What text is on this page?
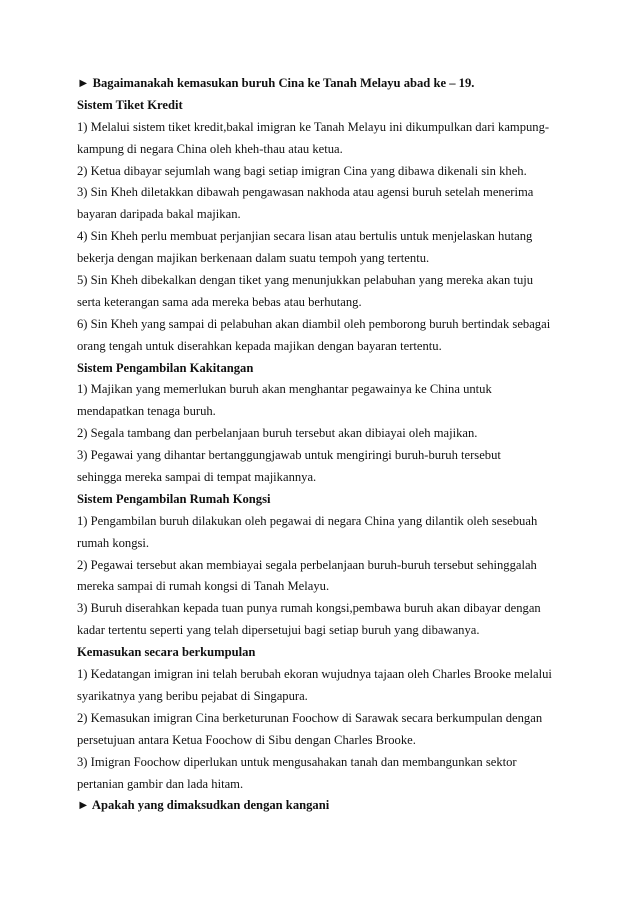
► Bagaimanakah kemasukan buruh Cina ke Tanah Melayu abad ke – 19.
Sistem Tiket Kredit
1) Melalui sistem tiket kredit,bakal imigran ke Tanah Melayu ini dikumpulkan dari kampung-
kampung di negara China oleh kheh-thau atau ketua.
2) Ketua dibayar sejumlah wang bagi setiap imigran Cina yang dibawa dikenali sin kheh.
3) Sin Kheh diletakkan dibawah pengawasan nakhoda atau agensi buruh setelah menerima
bayaran daripada bakal majikan.
4) Sin Kheh perlu membuat perjanjian secara lisan atau bertulis untuk menjelaskan hutang
bekerja dengan majikan berkenaan dalam suatu tempoh yang tertentu.
5) Sin Kheh dibekalkan dengan tiket yang menunjukkan pelabuhan yang mereka akan tuju
serta keterangan sama ada mereka bebas atau berhutang.
6) Sin Kheh yang sampai di pelabuhan akan diambil oleh pemborong buruh bertindak sebagai
orang tengah untuk diserahkan kepada majikan dengan bayaran tertentu.
Sistem Pengambilan Kakitangan
1) Majikan yang memerlukan buruh akan menghantar pegawainya ke China untuk
mendapatkan tenaga buruh.
2) Segala tambang dan perbelanjaan buruh tersebut akan dibiayai oleh majikan.
3) Pegawai yang dihantar bertanggungjawab untuk mengiringi buruh-buruh tersebut
sehingga mereka sampai di tempat majikannya.
Sistem Pengambilan Rumah Kongsi
1) Pengambilan buruh dilakukan oleh pegawai di negara China yang dilantik oleh sesebuah
rumah kongsi.
2) Pegawai tersebut akan membiayai segala perbelanjaan buruh-buruh tersebut sehinggalah
mereka sampai di rumah kongsi di Tanah Melayu.
3) Buruh diserahkan kepada tuan punya rumah kongsi,pembawa buruh akan dibayar dengan
kadar tertentu seperti yang telah dipersetujui bagi setiap buruh yang dibawanya.
Kemasukan secara berkumpulan
1) Kedatangan imigran ini telah berubah ekoran wujudnya tajaan oleh Charles Brooke melalui
syarikatnya yang beribu pejabat di Singapura.
2) Kemasukan imigran Cina berketurunan Foochow di Sarawak secara berkumpulan dengan
persetujuan antara Ketua Foochow di Sibu dengan Charles Brooke.
3) Imigran Foochow diperlukan untuk mengusahakan tanah dan membangunkan sektor
pertanian gambir dan lada hitam.
► Apakah yang dimaksudkan dengan kangani
